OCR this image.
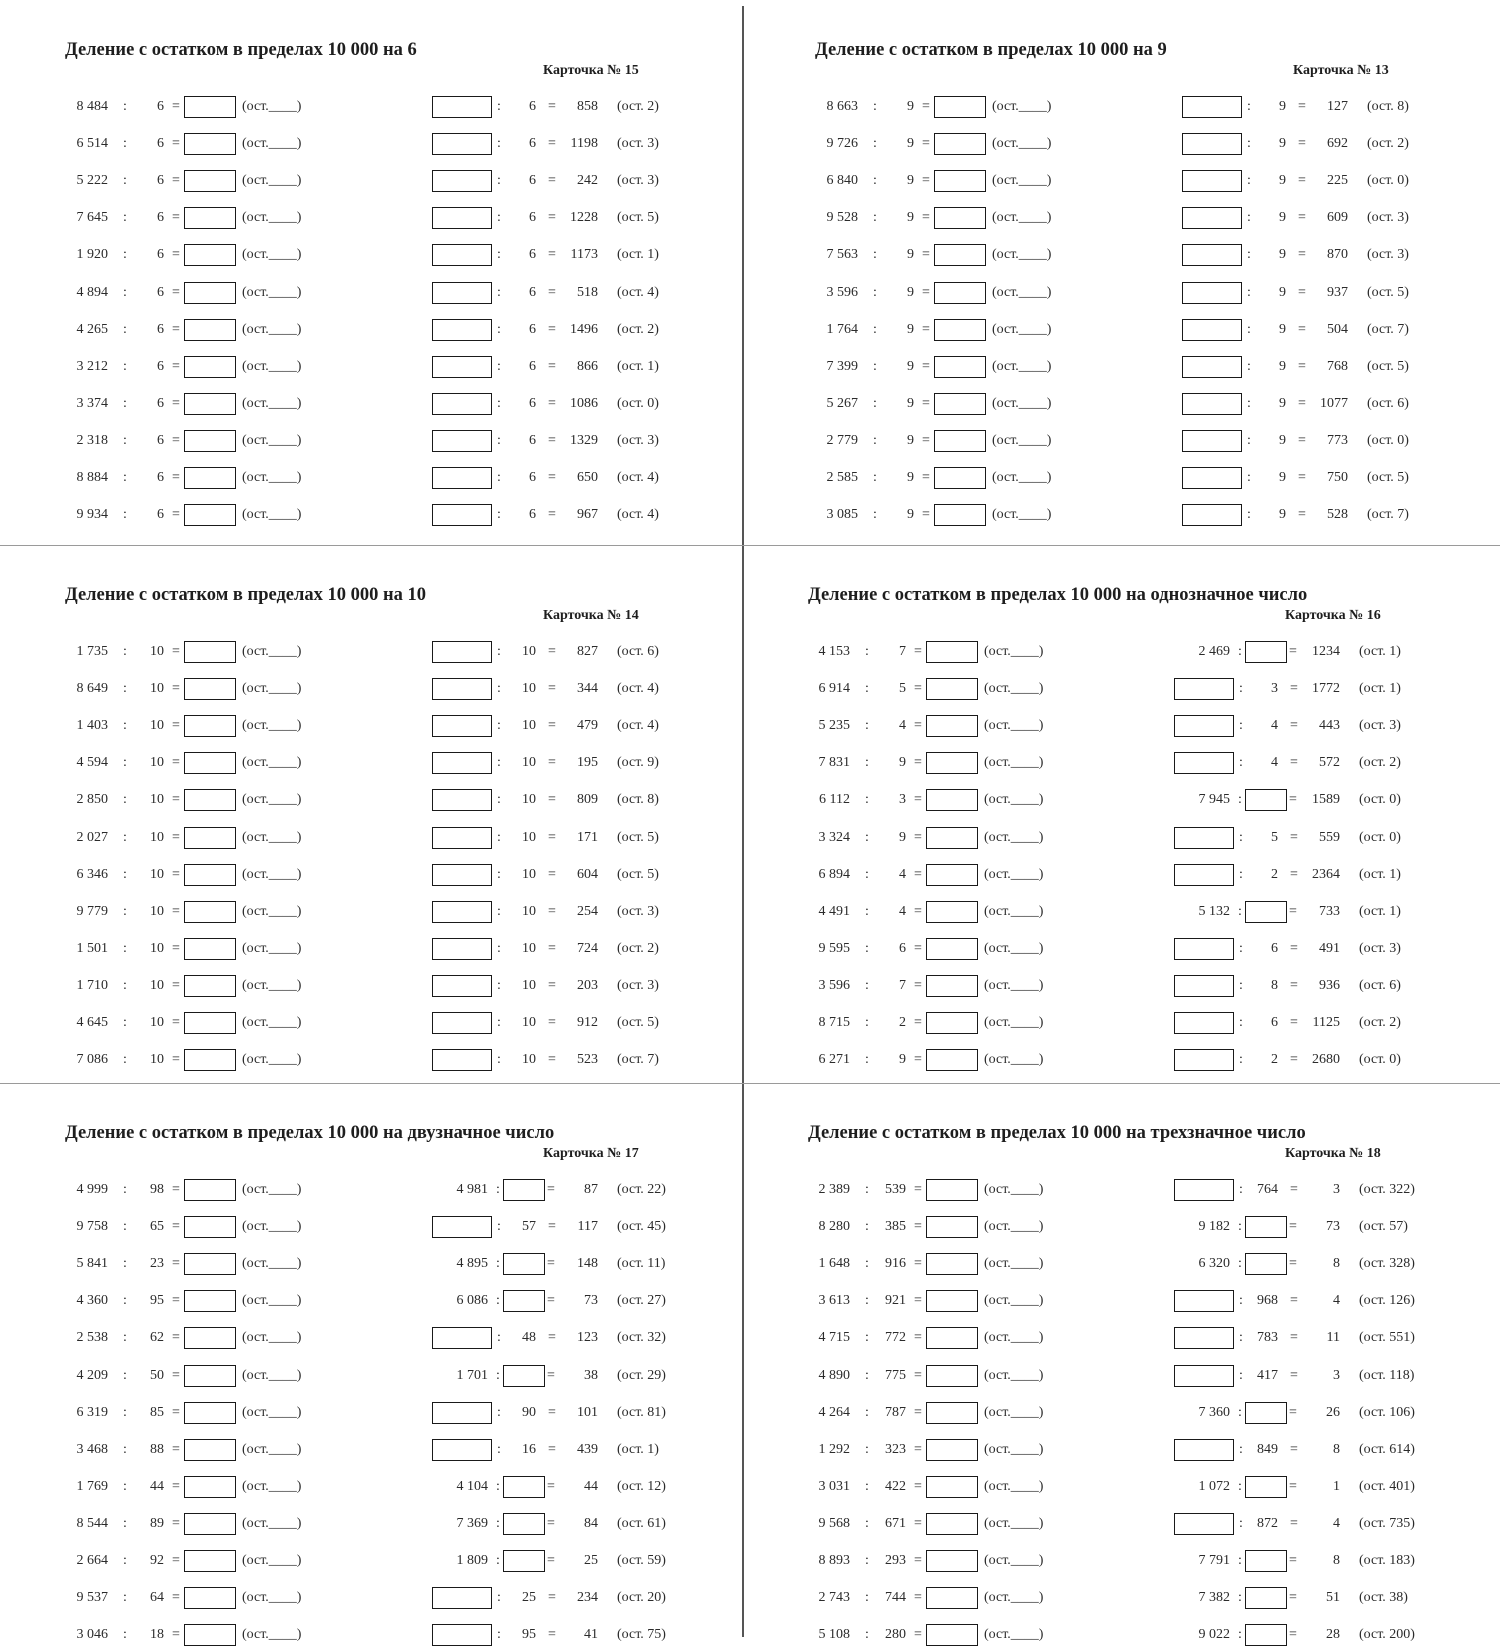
Деление с остатком в пределах 10 000 на 6
Карточка № 15
8 484	:	6 =	(ост.____)	:	6 =	858 (ост. 2)
6 514	:	6 =	(ост.____)	:	6 =	1198 (ост. 3)
5 222	:	6 =	(ост.____)	:	6 =	242 (ост. 3)
7 645	:	6 =	(ост.____)	:	6 =	1228 (ост. 5)
1 920	:	6 =	(ост.____)	:	6 =	1173 (ост. 1)
4 894	:	6 =	(ост.____)	:	6 =	518 (ост. 4)
4 265	:	6 =	(ост.____)	:	6 =	1496 (ост. 2)
3 212	:	6 =	(ост.____)	:	6 =	866 (ост. 1)
3 374	:	6 =	(ост.____)	:	6 =	1086 (ост. 0)
2 318	:	6 =	(ост.____)	:	6 =	1329 (ост. 3)
8 884	:	6 =	(ост.____)	:	6 =	650 (ост. 4)
9 934	:	6 =	(ост.____)	:	6 =	967 (ост. 4)
Деление с остатком в пределах 10 000 на 9
Карточка № 13
8 663	:	9 =	(ост.____)	:	9 =	127 (ост. 8)
9 726	:	9 =	(ост.____)	:	9 =	692 (ост. 2)
6 840	:	9 =	(ост.____)	:	9 =	225 (ост. 0)
9 528	:	9 =	(ост.____)	:	9 =	609 (ост. 3)
7 563	:	9 =	(ост.____)	:	9 =	870 (ост. 3)
3 596	:	9 =	(ост.____)	:	9 =	937 (ост. 5)
1 764	:	9 =	(ост.____)	:	9 =	504 (ост. 7)
7 399	:	9 =	(ост.____)	:	9 =	768 (ост. 5)
5 267	:	9 =	(ост.____)	:	9 =	1077 (ост. 6)
2 779	:	9 =	(ост.____)	:	9 =	773 (ост. 0)
2 585	:	9 =	(ост.____)	:	9 =	750 (ост. 5)
3 085	:	9 =	(ост.____)	:	9 =	528 (ост. 7)
Деление с остатком в пределах 10 000 на 10
Карточка № 14
1 735	:	10 =	(ост.____)	:	10 =	827 (ост. 6)
8 649	:	10 =	(ост.____)	:	10 =	344 (ост. 4)
1 403	:	10 =	(ост.____)	:	10 =	479 (ост. 4)
4 594	:	10 =	(ост.____)	:	10 =	195 (ост. 9)
2 850	:	10 =	(ост.____)	:	10 =	809 (ост. 8)
2 027	:	10 =	(ост.____)	:	10 =	171 (ост. 5)
6 346	:	10 =	(ост.____)	:	10 =	604 (ост. 5)
9 779	:	10 =	(ост.____)	:	10 =	254 (ост. 3)
1 501	:	10 =	(ост.____)	:	10 =	724 (ост. 2)
1 710	:	10 =	(ост.____)	:	10 =	203 (ост. 3)
4 645	:	10 =	(ост.____)	:	10 =	912 (ост. 5)
7 086	:	10 =	(ост.____)	:	10 =	523 (ост. 7)
Деление с остатком в пределах 10 000 на однозначное число
Карточка № 16
4 153	:	7 =	(ост.____)	2 469 :	=	1234 (ост. 1)
6 914	:	5 =	(ост.____)	:	3 =	1772 (ост. 1)
5 235	:	4 =	(ост.____)	:	4 =	443 (ост. 3)
7 831	:	9 =	(ост.____)	:	4 =	572 (ост. 2)
6 112	:	3 =	(ост.____)	7 945 :	=	1589 (ост. 0)
3 324	:	9 =	(ост.____)	:	5 =	559 (ост. 0)
6 894	:	4 =	(ост.____)	:	2 =	2364 (ост. 1)
4 491	:	4 =	(ост.____)	5 132 :	=	733 (ост. 1)
9 595	:	6 =	(ост.____)	:	6 =	491 (ост. 3)
3 596	:	7 =	(ост.____)	:	8 =	936 (ост. 6)
8 715	:	2 =	(ост.____)	:	6 =	1125 (ост. 2)
6 271	:	9 =	(ост.____)	:	2 =	2680 (ост. 0)
Деление с остатком в пределах 10 000 на двузначное число
Карточка № 17
4 999	:	98 =	(ост.____)	4 981 :	=	87 (ост. 22)
9 758	:	65 =	(ост.____)	:	57 =	117 (ост. 45)
5 841	:	23 =	(ост.____)	4 895 :	=	148 (ост. 11)
4 360	:	95 =	(ост.____)	6 086 :	=	73 (ост. 27)
2 538	:	62 =	(ост.____)	:	48 =	123 (ост. 32)
4 209	:	50 =	(ост.____)	1 701 :	=	38 (ост. 29)
6 319	:	85 =	(ост.____)	:	90 =	101 (ост. 81)
3 468	:	88 =	(ост.____)	:	16 =	439 (ост. 1)
1 769	:	44 =	(ост.____)	4 104 :	=	44 (ост. 12)
8 544	:	89 =	(ост.____)	7 369 :	=	84 (ост. 61)
2 664	:	92 =	(ост.____)	1 809 :	=	25 (ост. 59)
9 537	:	64 =	(ост.____)	:	25 =	234 (ост. 20)
3 046	:	18 =	(ост.____)	:	95 =	41 (ост. 75)
Деление с остатком в пределах 10 000 на трехзначное число
Карточка № 18
2 389	:	539 =	(ост.____)	:	764 =	3 (ост. 322)
8 280	:	385 =	(ост.____)	9 182 :	=	73 (ост. 57)
1 648	:	916 =	(ост.____)	6 320 :	=	8 (ост. 328)
3 613	:	921 =	(ост.____)	:	968 =	4 (ост. 126)
4 715	:	772 =	(ост.____)	:	783 =	11 (ост. 551)
4 890	:	775 =	(ост.____)	:	417 =	3 (ост. 118)
4 264	:	787 =	(ост.____)	7 360 :	=	26 (ост. 106)
1 292	:	323 =	(ост.____)	:	849 =	8 (ост. 614)
3 031	:	422 =	(ост.____)	1 072 :	=	1 (ост. 401)
9 568	:	671 =	(ост.____)	:	872 =	4 (ост. 735)
8 893	:	293 =	(ост.____)	7 791 :	=	8 (ост. 183)
2 743	:	744 =	(ост.____)	7 382 :	=	51 (ост. 38)
5 108	:	280 =	(ост.____)	9 022 :	=	28 (ост. 200)
